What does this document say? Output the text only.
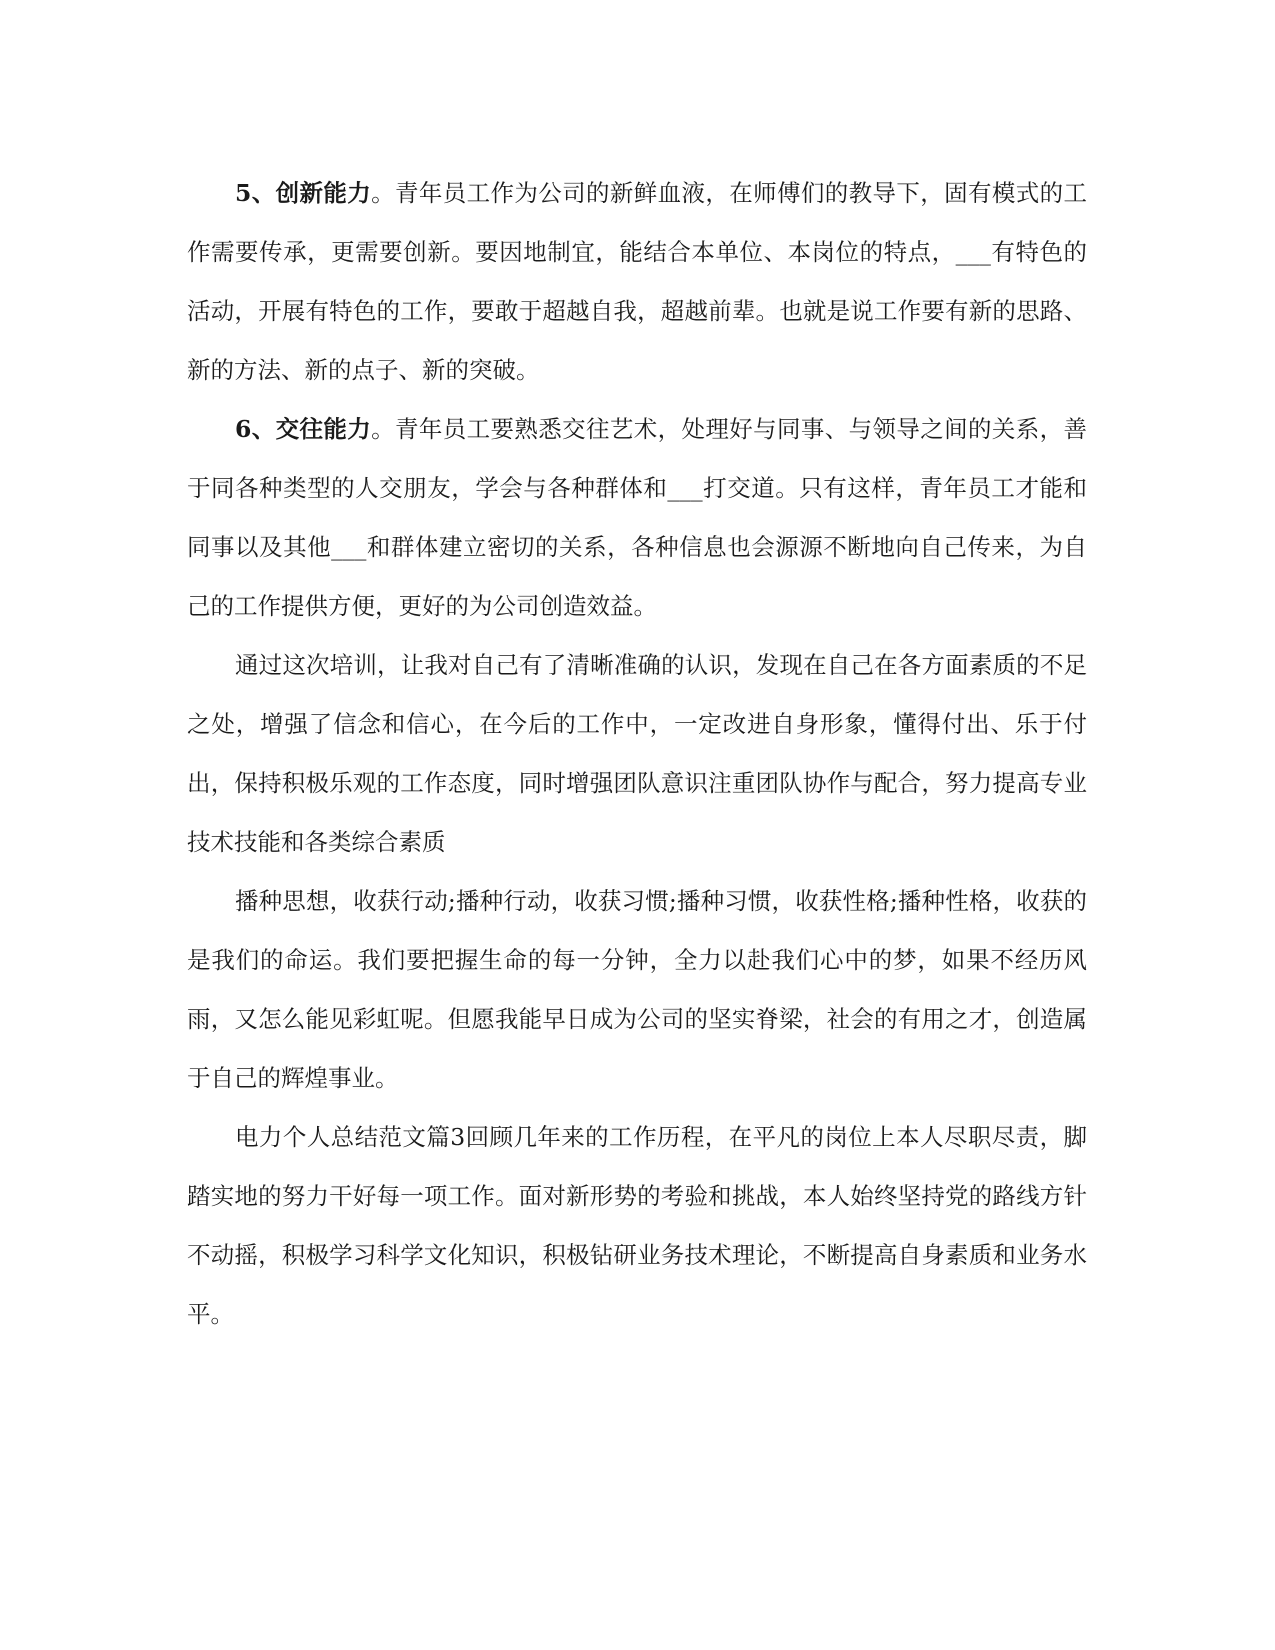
5、创新能力。青年员工作为公司的新鲜血液，在师傅们的教导下，固有模式的工作需要传承，更需要创新。要因地制宜，能结合本单位、本岗位的特点，___有特色的活动，开展有特色的工作，要敢于超越自我，超越前辈。也就是说工作要有新的思路、新的方法、新的点子、新的突破。

6、交往能力。青年员工要熟悉交往艺术，处理好与同事、与领导之间的关系，善于同各种类型的人交朋友，学会与各种群体和___打交道。只有这样，青年员工才能和同事以及其他___和群体建立密切的关系，各种信息也会源源不断地向自己传来，为自己的工作提供方便，更好的为公司创造效益。

通过这次培训，让我对自己有了清晰准确的认识，发现在自己在各方面素质的不足之处，增强了信念和信心，在今后的工作中，一定改进自身形象，懂得付出、乐于付出，保持积极乐观的工作态度，同时增强团队意识注重团队协作与配合，努力提高专业技术技能和各类综合素质

播种思想，收获行动;播种行动，收获习惯;播种习惯，收获性格;播种性格，收获的是我们的命运。我们要把握生命的每一分钟，全力以赴我们心中的梦，如果不经历风雨，又怎么能见彩虹呢。但愿我能早日成为公司的坚实脊梁，社会的有用之才，创造属于自己的辉煌事业。

电力个人总结范文篇3回顾几年来的工作历程，在平凡的岗位上本人尽职尽责，脚踏实地的努力干好每一项工作。面对新形势的考验和挑战，本人始终坚持党的路线方针不动摇，积极学习科学文化知识，积极钻研业务技术理论，不断提高自身素质和业务水平。
